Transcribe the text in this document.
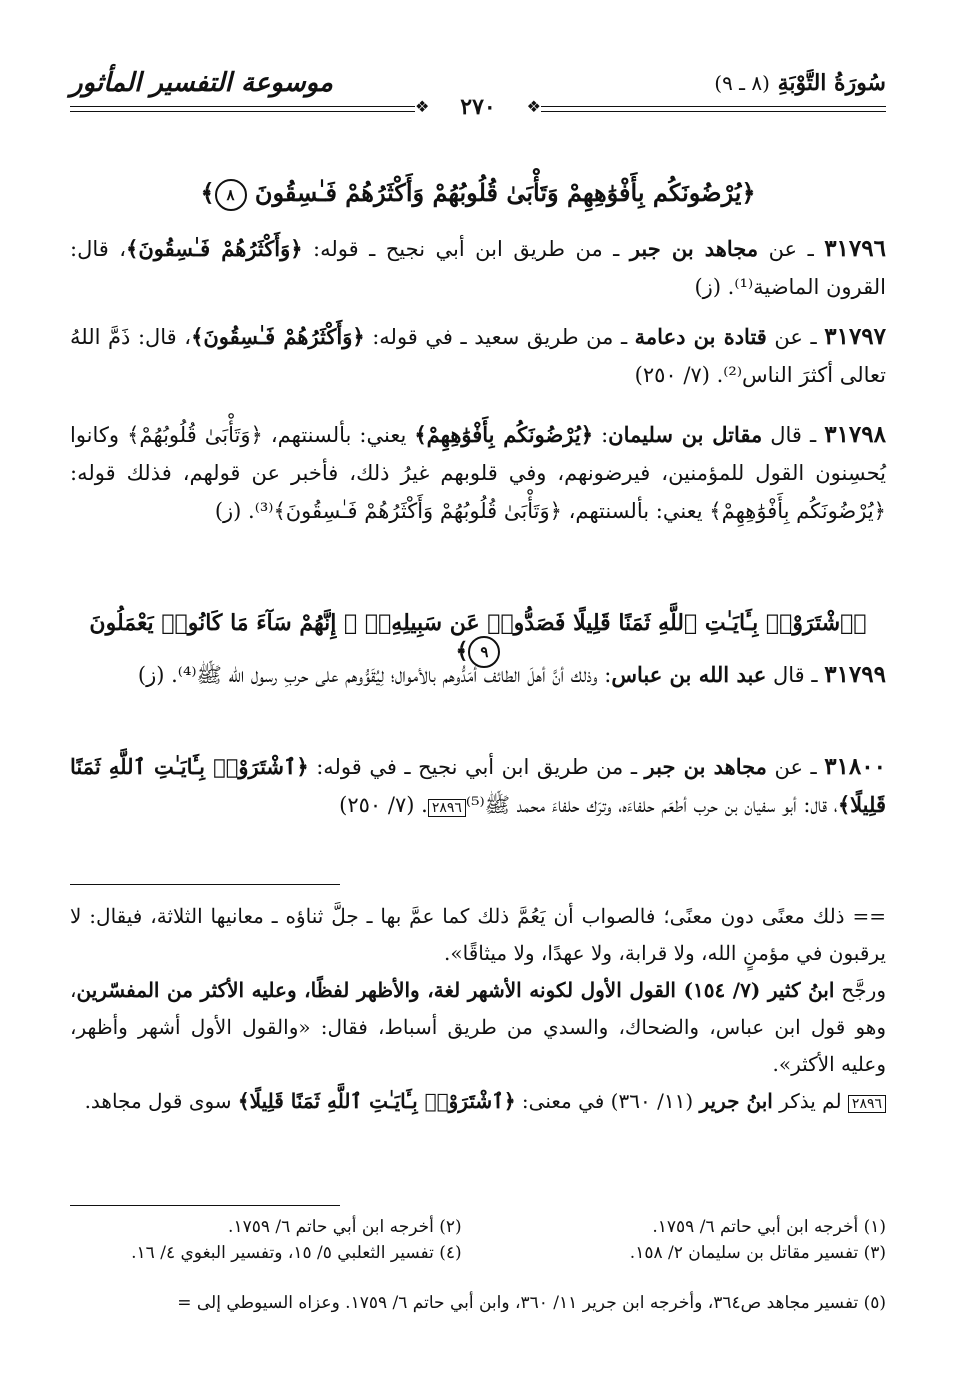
سُورَةُ التَّوْبَةِ (٨ ـ ٩)
موسوعة التفسير المأثور
❖	❖
٢٧٠
﴿يُرْضُونَكُم بِأَفْوَٰهِهِمْ وَتَأْبَىٰ قُلُوبُهُمْ وَأَكْثَرُهُمْ فَـٰسِقُونَ ٨﴾
٣١٧٩٦ ـ عن مجاهد بن جبر ـ من طريق ابن أبي نجيح ـ قوله: ﴿وَأَكْثَرُهُمْ فَـٰسِقُونَ﴾، قال: القرون الماضية⁽¹⁾. (ز)
٣١٧٩٧ ـ عن قتادة بن دعامة ـ من طريق سعيد ـ في قوله: ﴿وَأَكْثَرُهُمْ فَـٰسِقُونَ﴾، قال: ذَمَّ اللهُ تعالى أكثرَ الناس⁽²⁾. (٧/ ٢٥٠)
٣١٧٩٨ ـ قال مقاتل بن سليمان: ﴿يُرْضُونَكُم بِأَفْوَٰهِهِمْ﴾ يعني: بألسنتهم، ﴿وَتَأْبَىٰ قُلُوبُهُمْ﴾ وكانوا يُحسِنون القول للمؤمنين، فيرضونهم، وفي قلوبهم غيرُ ذلك، فأخبر عن قولهم، فذلك قوله: ﴿يُرْضُونَكُم بِأَفْوَٰهِهِمْ﴾ يعني: بألسنتهم، ﴿وَتَأْبَىٰ قُلُوبُهُمْ وَأَكْثَرُهُمْ فَـٰسِقُونَ﴾⁽³⁾. (ز)
﴿ٱشْتَرَوْا۟ بِـَٔايَـٰتِ ٱللَّهِ ثَمَنًا قَلِيلًا فَصَدُّوا۟ عَن سَبِيلِهِۦٓ ۚ إِنَّهُمْ سَآءَ مَا كَانُوا۟ يَعْمَلُونَ ٩﴾
٣١٧٩٩ ـ قال عبد الله بن عباس: وذلك أنَّ أهلَ الطائف أمَدُّوهم بالأموال؛ لِيُقَوُّوهم على حربِ رسول الله ﷺ⁽⁴⁾. (ز)
٣١٨٠٠ ـ عن مجاهد بن جبر ـ من طريق ابن أبي نجيح ـ في قوله: ﴿ٱشْتَرَوْا۟ بِـَٔايَـٰتِ ٱللَّهِ ثَمَنًا قَلِيلًا﴾، قال: أبو سفيان بن حرب أطعَم حلفاءَه، وترَك حلفاءَ محمد ﷺ⁽⁵⁾٢٨٩٦. (٧/ ٢٥٠)

== ذلك معنًى دون معنًى؛ فالصواب أن يَعُمَّ ذلك كما عمَّ بها ـ جلَّ ثناؤه ـ معانيها الثلاثة، فيقال: لا يرقبون في مؤمنٍ الله، ولا قرابة، ولا عهدًا، ولا ميثاقًا».

ورجَّح ابنُ كثير (٧/ ١٥٤) القول الأول لكونه الأشهر لغة، والأظهر لفظًا، وعليه الأكثر من المفسّرين، وهو قول ابن عباس، والضحاك، والسدي من طريق أسباط، فقال: «والقول الأول أشهر وأظهر، وعليه الأكثر».

٢٨٩٦ لم يذكر ابنُ جرير (١١/ ٣٦٠) في معنى: ﴿ٱشْتَرَوْا۟ بِـَٔايَـٰتِ ٱللَّهِ ثَمَنًا قَلِيلًا﴾ سوى قول مجاهد.

(١) أخرجه ابن أبي حاتم ٦/ ١٧٥٩.
(٢) أخرجه ابن أبي حاتم ٦/ ١٧٥٩.
(٣) تفسير مقاتل بن سليمان ٢/ ١٥٨.
(٤) تفسير الثعلبي ٥/ ١٥، وتفسير البغوي ٤/ ١٦.
(٥) تفسير مجاهد ص٣٦٤، وأخرجه ابن جرير ١١/ ٣٦٠، وابن أبي حاتم ٦/ ١٧٥٩. وعزاه السيوطي إلى =
